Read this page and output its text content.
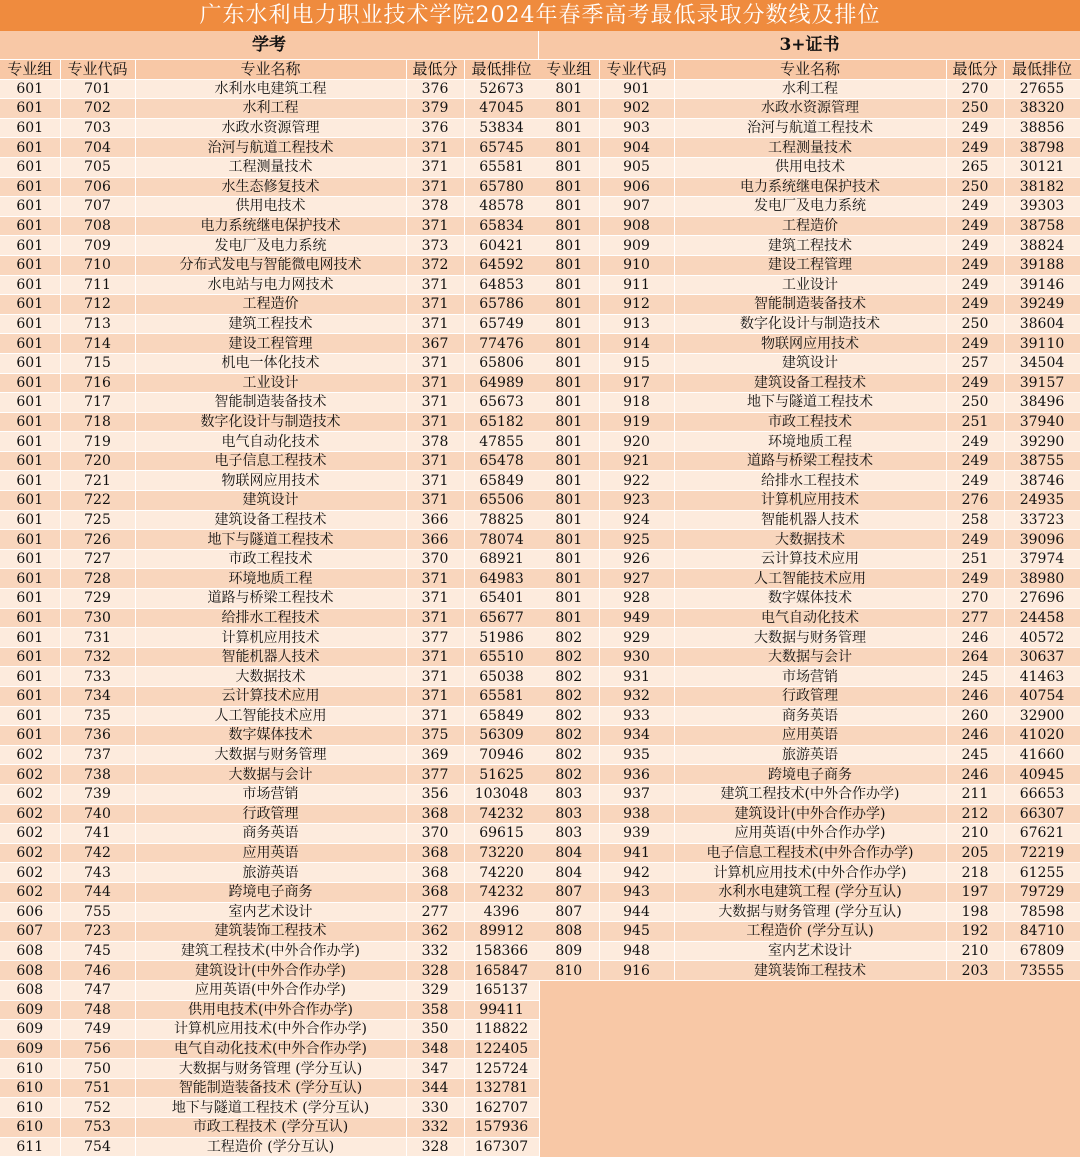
广东水利电力职业技术学院2024年春季高考最低录取分数线及排位
学考	3+证书
专业组	专业代码	专业名称	最低分	最低排位
601	701	水利水电建筑工程	376	52673
601	702	水利工程	379	47045
601	703	水政水资源管理	376	53834
601	704	治河与航道工程技术	371	65745
601	705	工程测量技术	371	65581
601	706	水生态修复技术	371	65780
601	707	供用电技术	378	48578
601	708	电力系统继电保护技术	371	65834
601	709	发电厂及电力系统	373	60421
601	710	分布式发电与智能微电网技术	372	64592
601	711	水电站与电力网技术	371	64853
601	712	工程造价	371	65786
601	713	建筑工程技术	371	65749
601	714	建设工程管理	367	77476
601	715	机电一体化技术	371	65806
601	716	工业设计	371	64989
601	717	智能制造装备技术	371	65673
601	718	数字化设计与制造技术	371	65182
601	719	电气自动化技术	378	47855
601	720	电子信息工程技术	371	65478
601	721	物联网应用技术	371	65849
601	722	建筑设计	371	65506
601	725	建筑设备工程技术	366	78825
601	726	地下与隧道工程技术	366	78074
601	727	市政工程技术	370	68921
601	728	环境地质工程	371	64983
601	729	道路与桥梁工程技术	371	65401
601	730	给排水工程技术	371	65677
601	731	计算机应用技术	377	51986
601	732	智能机器人技术	371	65510
601	733	大数据技术	371	65038
601	734	云计算技术应用	371	65581
601	735	人工智能技术应用	371	65849
601	736	数字媒体技术	375	56309
602	737	大数据与财务管理	369	70946
602	738	大数据与会计	377	51625
602	739	市场营销	356	103048
602	740	行政管理	368	74232
602	741	商务英语	370	69615
602	742	应用英语	368	73220
602	743	旅游英语	368	74220
602	744	跨境电子商务	368	74232
606	755	室内艺术设计	277	4396
607	723	建筑装饰工程技术	362	89912
608	745	建筑工程技术(中外合作办学)	332	158366
608	746	建筑设计(中外合作办学)	328	165847
608	747	应用英语(中外合作办学)	329	165137
609	748	供用电技术(中外合作办学)	358	99411
609	749	计算机应用技术(中外合作办学)	350	118822
609	756	电气自动化技术(中外合作办学)	348	122405
610	750	大数据与财务管理 (学分互认)	347	125724
610	751	智能制造装备技术 (学分互认)	344	132781
610	752	地下与隧道工程技术 (学分互认)	330	162707
610	753	市政工程技术 (学分互认)	332	157936
611	754	工程造价 (学分互认)	328	167307
专业组	专业代码	专业名称	最低分	最低排位
801	901	水利工程	270	27655
801	902	水政水资源管理	250	38320
801	903	治河与航道工程技术	249	38856
801	904	工程测量技术	249	38798
801	905	供用电技术	265	30121
801	906	电力系统继电保护技术	250	38182
801	907	发电厂及电力系统	249	39303
801	908	工程造价	249	38758
801	909	建筑工程技术	249	38824
801	910	建设工程管理	249	39188
801	911	工业设计	249	39146
801	912	智能制造装备技术	249	39249
801	913	数字化设计与制造技术	250	38604
801	914	物联网应用技术	249	39110
801	915	建筑设计	257	34504
801	917	建筑设备工程技术	249	39157
801	918	地下与隧道工程技术	250	38496
801	919	市政工程技术	251	37940
801	920	环境地质工程	249	39290
801	921	道路与桥梁工程技术	249	38755
801	922	给排水工程技术	249	38746
801	923	计算机应用技术	276	24935
801	924	智能机器人技术	258	33723
801	925	大数据技术	249	39096
801	926	云计算技术应用	251	37974
801	927	人工智能技术应用	249	38980
801	928	数字媒体技术	270	27696
801	949	电气自动化技术	277	24458
802	929	大数据与财务管理	246	40572
802	930	大数据与会计	264	30637
802	931	市场营销	245	41463
802	932	行政管理	246	40754
802	933	商务英语	260	32900
802	934	应用英语	246	41020
802	935	旅游英语	245	41660
802	936	跨境电子商务	246	40945
803	937	建筑工程技术(中外合作办学)	211	66653
803	938	建筑设计(中外合作办学)	212	66307
803	939	应用英语(中外合作办学)	210	67621
804	941	电子信息工程技术(中外合作办学)	205	72219
804	942	计算机应用技术(中外合作办学)	218	61255
807	943	水利水电建筑工程 (学分互认)	197	79729
807	944	大数据与财务管理 (学分互认)	198	78598
808	945	工程造价 (学分互认)	192	84710
809	948	室内艺术设计	210	67809
810	916	建筑装饰工程技术	203	73555
